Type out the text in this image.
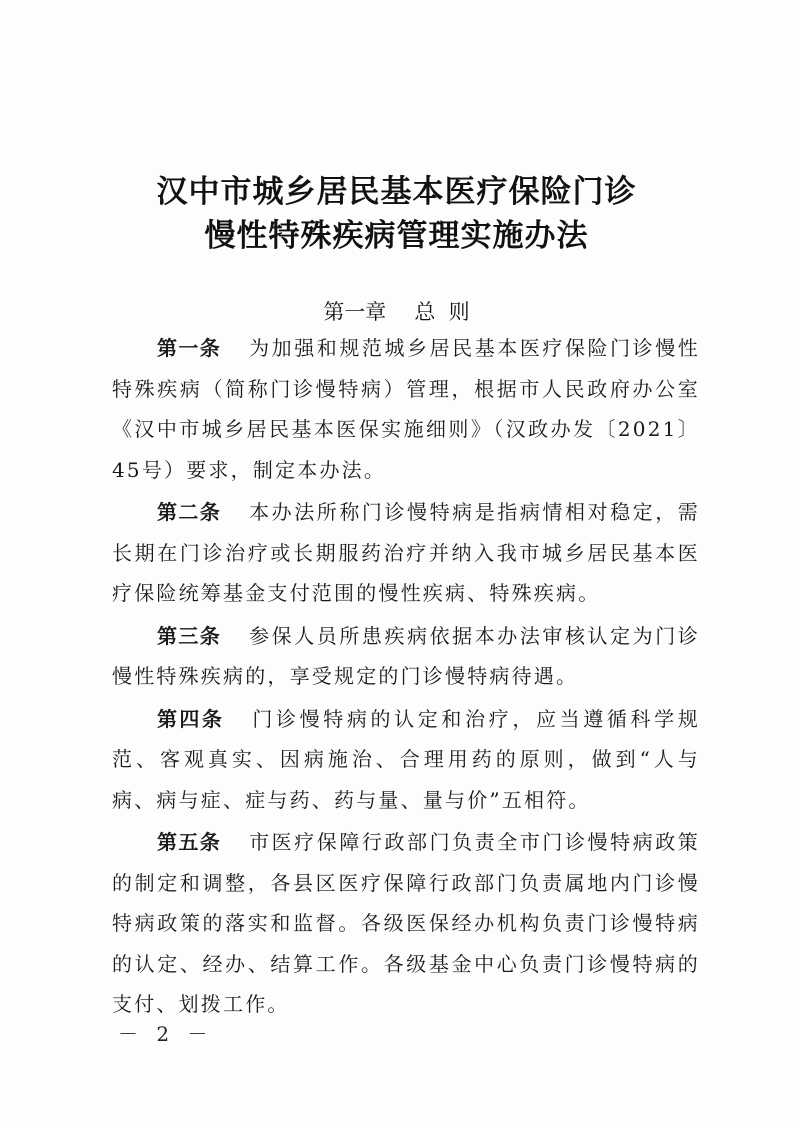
汉中市城乡居民基本医疗保险门诊
慢性特殊疾病管理实施办法
第一章 总  则

第一条 为加强和规范城乡居民基本医疗保险门诊慢性特殊疾病（简称门诊慢特病）管理，根据市人民政府办公室《汉中市城乡居民基本医保实施细则》（汉政办发〔2021〕45号）要求，制定本办法。

第二条 本办法所称门诊慢特病是指病情相对稳定，需长期在门诊治疗或长期服药治疗并纳入我市城乡居民基本医疗保险统筹基金支付范围的慢性疾病、特殊疾病。

第三条 参保人员所患疾病依据本办法审核认定为门诊慢性特殊疾病的，享受规定的门诊慢特病待遇。

第四条 门诊慢特病的认定和治疗，应当遵循科学规范、客观真实、因病施治、合理用药的原则，做到“人与病、病与症、症与药、药与量、量与价”五相符。

第五条 市医疗保障行政部门负责全市门诊慢特病政策的制定和调整，各县区医疗保障行政部门负责属地内门诊慢特病政策的落实和监督。各级医保经办机构负责门诊慢特病的认定、经办、结算工作。各级基金中心负责门诊慢特病的支付、划拨工作。

－ 2 －
